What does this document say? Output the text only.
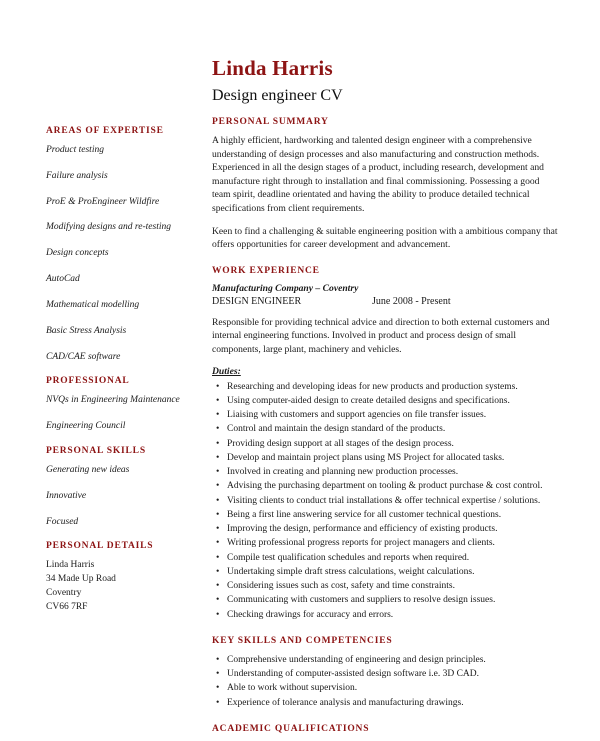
AREAS OF EXPERTISE

Product testing

Failure analysis

ProE & ProEngineer Wildfire

Modifying designs and re-testing

Design concepts

AutoCad

Mathematical modelling

Basic Stress Analysis

CAD/CAE software

PROFESSIONAL

NVQs in Engineering Maintenance

Engineering Council

PERSONAL SKILLS

Generating new ideas

Innovative

Focused

PERSONAL DETAILS

Linda Harris

34 Made Up Road

Coventry

CV66 7RF

Linda Harris
Design engineer CV
PERSONAL SUMMARY

A highly efficient, hardworking and talented design engineer with a comprehensive understanding of design processes and also manufacturing and construction methods. Experienced in all the design stages of a product, including research, development and manufacture right through to installation and final commissioning. Possessing a good team spirit, deadline orientated and having the ability to produce detailed technical specifications from client requirements.

Keen to find a challenging & suitable engineering position with a ambitious company that offers opportunities for career development and advancement.

WORK EXPERIENCE

Manufacturing Company – Coventry

DESIGN ENGINEER	June 2008 - Present

Responsible for providing technical advice and direction to both external customers and internal engineering functions. Involved in product and process design of small components, large plant, machinery and vehicles.

Duties:

• Researching and developing ideas for new products and production systems.
• Using computer-aided design to create detailed designs and specifications.
• Liaising with customers and support agencies on file transfer issues.
• Control and maintain the design standard of the products.
• Providing design support at all stages of the design process.
• Develop and maintain project plans using MS Project for allocated tasks.
• Involved in creating and planning new production processes.
• Advising the purchasing department on tooling & product purchase & cost control.
• Visiting clients to conduct trial installations & offer technical expertise / solutions.
• Being a first line answering service for all customer technical questions.
• Improving the design, performance and efficiency of existing products.
• Writing professional progress reports for project managers and clients.
• Compile test qualification schedules and reports when required.
• Undertaking simple draft stress calculations, weight calculations.
• Considering issues such as cost, safety and time constraints.
• Communicating with customers and suppliers to resolve design issues.
• Checking drawings for accuracy and errors.
KEY SKILLS AND COMPETENCIES
• Comprehensive understanding of engineering and design principles.
• Understanding of computer-assisted design software i.e. 3D CAD.
• Able to work without supervision.
• Experience of tolerance analysis and manufacturing drawings.
ACADEMIC QUALIFICATIONS
